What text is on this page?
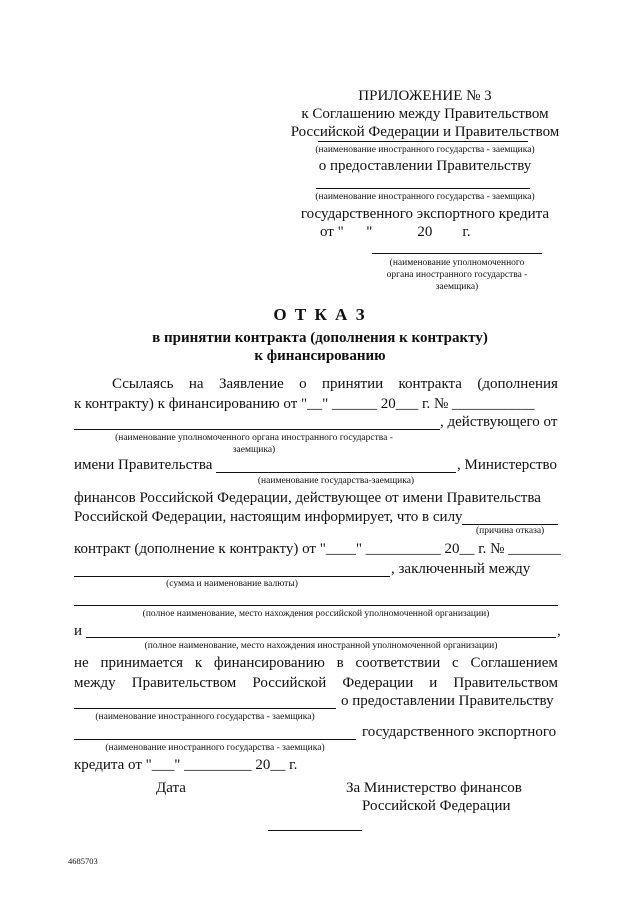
ПРИЛОЖЕНИЕ № 3
к Соглашению между Правительством
Российской Федерации и Правительством
(наименование иностранного государства - заемщика)
о предоставлении Правительству
(наименование иностранного государства - заемщика)
государственного экспортного кредита
от "      "            20        г.
(наименование уполномоченного
органа иностранного государства -
заемщика)
О Т К А З
в принятии контракта (дополнения к контракту)
к финансированию
Ссылаясь на Заявление о принятии контракта (дополнения
к контракту) к финансированию от "__" ______ 20___ г. № ___________
, действующего от
(наименование уполномоченного органа иностранного государства -
заемщика)
имени Правительства	, Министерство
(наименование государства-заемщика)
финансов Российской Федерации, действующее от имени Правительства
Российской Федерации, настоящим информирует, что в силу
(причина отказа)
контракт (дополнение к контракту) от "____" __________ 20__ г. № _______
, заключенный между
(сумма и наименование валюты)
(полное наименование, место нахождения российской уполномоченной организации)
и	,
(полное наименование, место нахождения иностранной уполномоченной организации)
не принимается к финансированию в соответствии с Соглашением
между Правительством Российской Федерации и Правительством
о предоставлении Правительству
(наименование иностранного государства - заемщика)
государственного экспортного
(наименование иностранного государства - заемщика)
кредита от "___" _________ 20__ г.
Дата	За Министерство финансов
Российской Федерации
4685703
